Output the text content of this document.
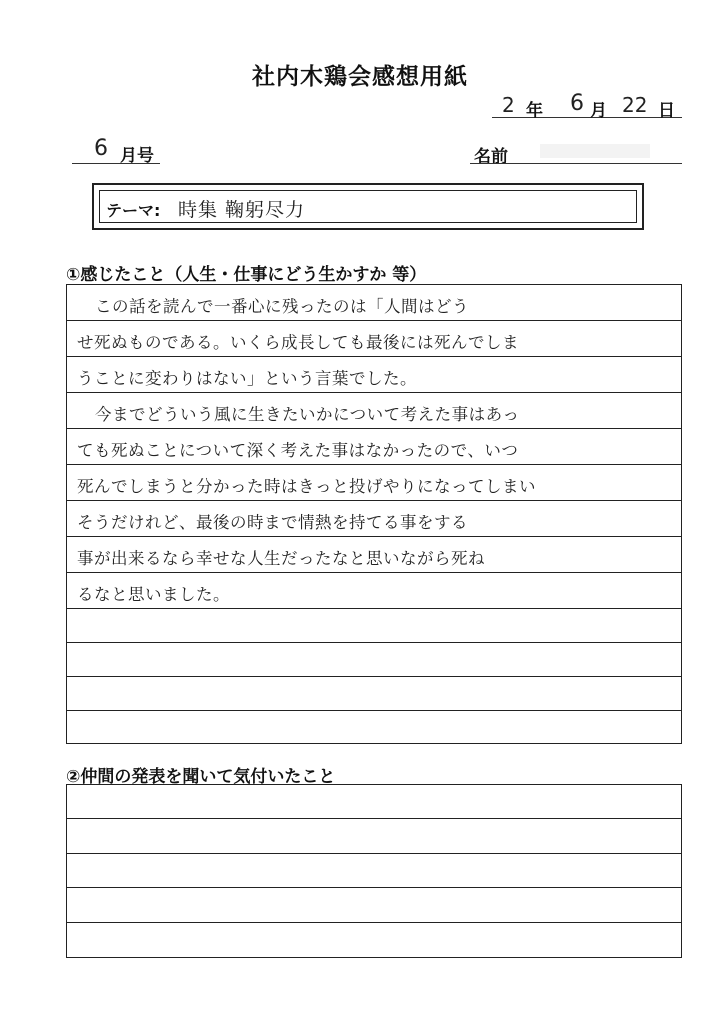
社内木鶏会感想用紙
2 年 6 月 22 日
6 月号	名前
テーマ: 時集 鞠躬尽力
①感じたこと（人生・仕事にどう生かすか 等）
この話を読んで一番心に残ったのは「人間はどう
せ死ぬものである。いくら成長しても最後には死んでしま
うことに変わりはない」という言葉でした。
今までどういう風に生きたいかについて考えた事はあっ
ても死ぬことについて深く考えた事はなかったので、いつ
死んでしまうと分かった時はきっと投げやりになってしまい
そうだけれど、最後の時まで情熱を持てる事をする
事が出来るなら幸せな人生だったなと思いながら死ね
るなと思いました。
②仲間の発表を聞いて気付いたこと
